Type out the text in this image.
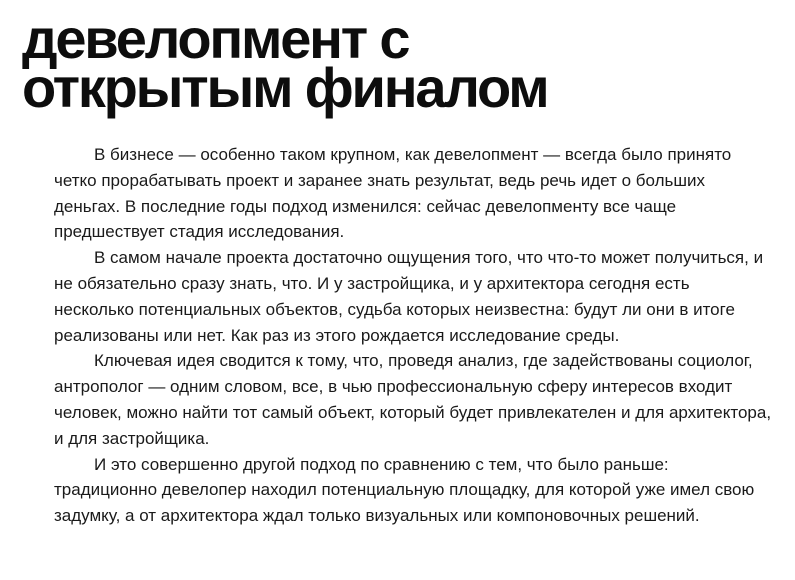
девелопмент с
открытым финалом

В бизнесе — особенно таком крупном, как девелопмент — всегда было принято четко прорабатывать проект и заранее знать результат, ведь речь идет о больших деньгах. В последние годы подход изменился: сейчас девелопменту все чаще предшествует стадия исследования.

В самом начале проекта достаточно ощущения того, что что-то может получиться, и не обязательно сразу знать, что. И у застройщика, и у архитектора сегодня есть несколько потенциальных объектов, судьба которых неизвестна: будут ли они в итоге реализованы или нет. Как раз из этого рождается исследование среды.

Ключевая идея сводится к тому, что, проведя анализ, где задействованы социолог, антрополог — одним словом, все, в чью профессиональную сферу интересов входит человек, можно найти тот самый объект, который будет привлекателен и для архитектора, и для застройщика.

И это совершенно другой подход по сравнению с тем, что было раньше: традиционно девелопер находил потенциальную площадку, для которой уже имел свою задумку, а от архитектора ждал только визуальных или компоновочных решений.
